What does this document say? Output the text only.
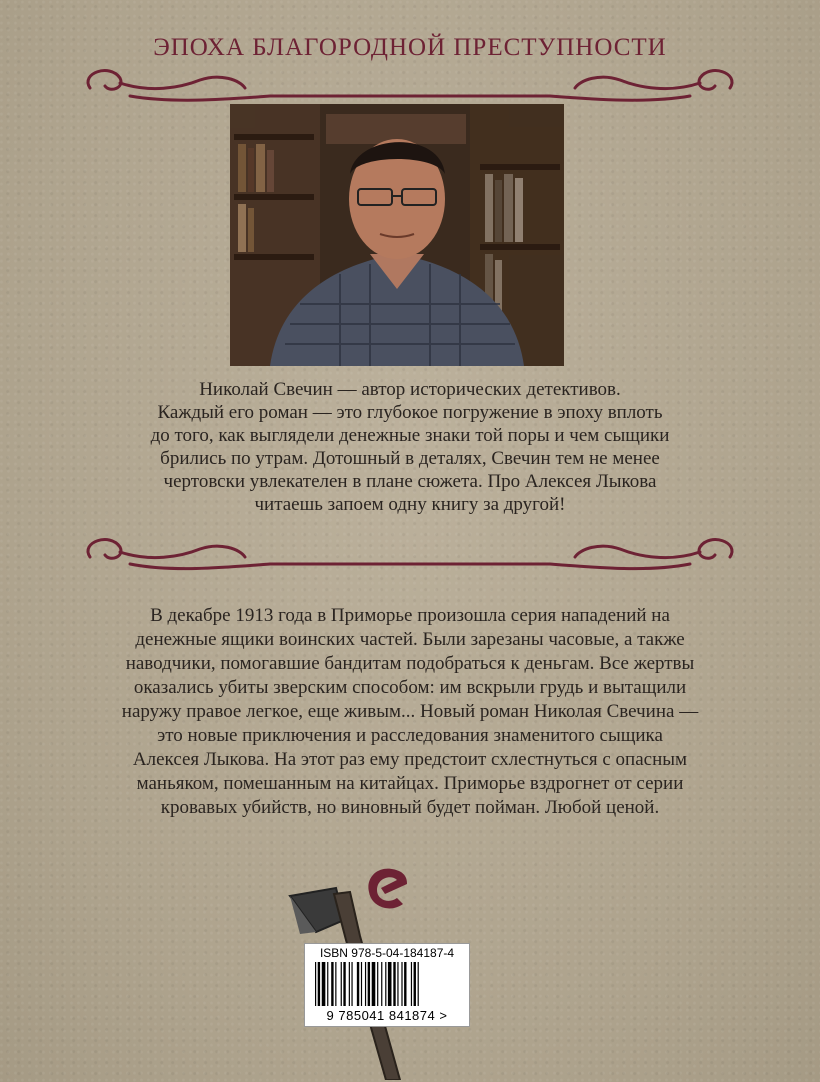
ЭПОХА БЛАГОРОДНОЙ ПРЕСТУПНОСТИ
Николай Свечин — автор исторических детективов.
Каждый его роман — это глубокое погружение в эпоху вплоть
до того, как выглядели денежные знаки той поры и чем сыщики
брились по утрам. Дотошный в деталях, Свечин тем не менее
чертовски увлекателен в плане сюжета. Про Алексея Лыкова
читаешь запоем одну книгу за другой!
В декабре 1913 года в Приморье произошла серия нападений на
денежные ящики воинских частей. Были зарезаны часовые, а также
наводчики, помогавшие бандитам подобраться к деньгам. Все жертвы
оказались убиты зверским способом: им вскрыли грудь и вытащили
наружу правое легкое, еще живым... Новый роман Николая Свечина —
это новые приключения и расследования знаменитого сыщика
Алексея Лыкова. На этот раз ему предстоит схлестнуться с опасным
маньяком, помешанным на китайцах. Приморье вздрогнет от серии
кровавых убийств, но виновный будет пойман. Любой ценой.
ISBN 978-5-04-184187-4
9 785041 841874 >
